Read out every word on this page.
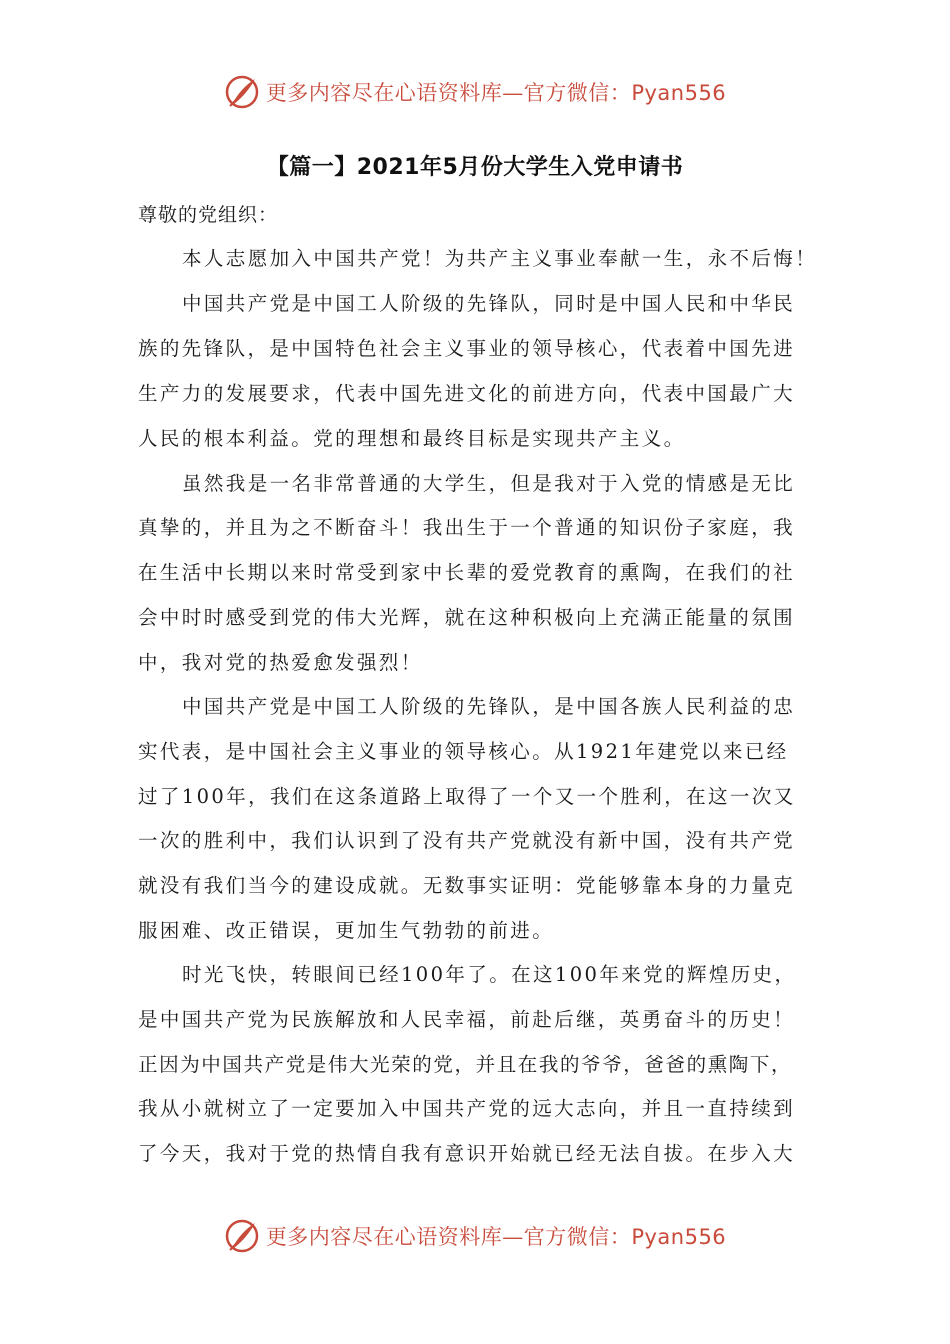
更多内容尽在心语资料库—官方微信：Pyan556
【篇一】2021年5月份大学生入党申请书
尊敬的党组织：
本人志愿加入中国共产党！为共产主义事业奉献一生，永不后悔！
中国共产党是中国工人阶级的先锋队，同时是中国人民和中华民
族的先锋队，是中国特色社会主义事业的领导核心，代表着中国先进
生产力的发展要求，代表中国先进文化的前进方向，代表中国最广大
人民的根本利益。党的理想和最终目标是实现共产主义。
虽然我是一名非常普通的大学生，但是我对于入党的情感是无比
真挚的，并且为之不断奋斗！我出生于一个普通的知识份子家庭，我
在生活中长期以来时常受到家中长辈的爱党教育的熏陶，在我们的社
会中时时感受到党的伟大光辉，就在这种积极向上充满正能量的氛围
中，我对党的热爱愈发强烈！
中国共产党是中国工人阶级的先锋队，是中国各族人民利益的忠
实代表，是中国社会主义事业的领导核心。从1921年建党以来已经
过了100年，我们在这条道路上取得了一个又一个胜利，在这一次又
一次的胜利中，我们认识到了没有共产党就没有新中国，没有共产党
就没有我们当今的建设成就。无数事实证明：党能够靠本身的力量克
服困难、改正错误，更加生气勃勃的前进。
时光飞快，转眼间已经100年了。在这100年来党的辉煌历史，
是中国共产党为民族解放和人民幸福，前赴后继，英勇奋斗的历史！
正因为中国共产党是伟大光荣的党，并且在我的爷爷，爸爸的熏陶下，
我从小就树立了一定要加入中国共产党的远大志向，并且一直持续到
了今天，我对于党的热情自我有意识开始就已经无法自拔。在步入大
更多内容尽在心语资料库—官方微信：Pyan556
